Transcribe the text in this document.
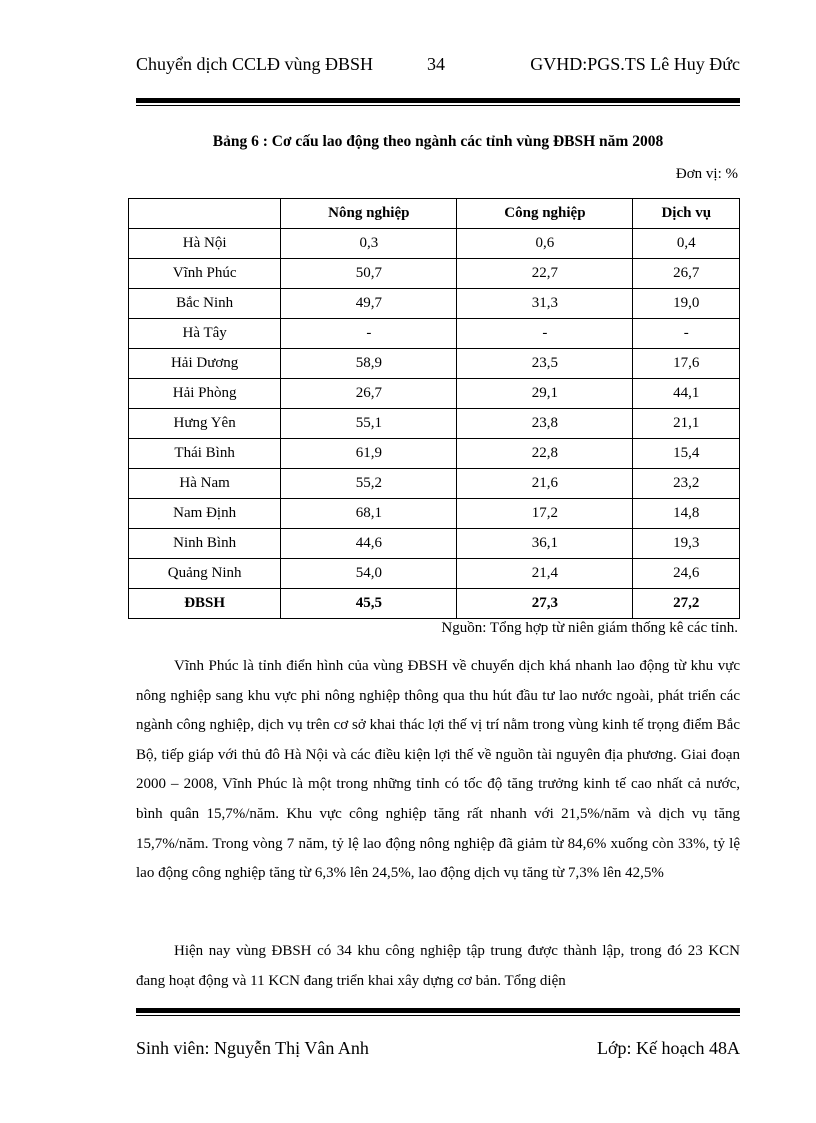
Chuyển dịch CCLĐ vùng ĐBSH	34	GVHD:PGS.TS Lê Huy Đức
Bảng 6 : Cơ cấu lao động theo ngành các tỉnh vùng ĐBSH năm 2008
Đơn vị: %
	Nông nghiệp	Công nghiệp	Dịch vụ
Hà Nội	0,3	0,6	0,4
Vĩnh Phúc	50,7	22,7	26,7
Bắc Ninh	49,7	31,3	19,0
Hà Tây	-	-	-
Hải Dương	58,9	23,5	17,6
Hải Phòng	26,7	29,1	44,1
Hưng Yên	55,1	23,8	21,1
Thái Bình	61,9	22,8	15,4
Hà Nam	55,2	21,6	23,2
Nam Định	68,1	17,2	14,8
Ninh Bình	44,6	36,1	19,3
Quảng Ninh	54,0	21,4	24,6
ĐBSH	45,5	27,3	27,2
Nguồn: Tổng hợp từ niên giám thống kê các tỉnh.

Vĩnh Phúc là tỉnh điển hình của vùng ĐBSH về chuyển dịch khá nhanh lao động từ khu vực nông nghiệp sang khu vực phi nông nghiệp thông qua thu hút đầu tư lao nước ngoài, phát triển các ngành công nghiệp, dịch vụ trên cơ sở khai thác lợi thế vị trí nằm trong vùng kinh tế trọng điểm Bắc Bộ, tiếp giáp với thủ đô Hà Nội và các điều kiện lợi thế về nguồn tài nguyên địa phương. Giai đoạn 2000 – 2008, Vĩnh Phúc là một trong những tỉnh có tốc độ tăng trưởng kinh tế cao nhất cả nước, bình quân 15,7%/năm. Khu vực công nghiệp tăng rất nhanh với 21,5%/năm và dịch vụ tăng 15,7%/năm. Trong vòng 7 năm, tỷ lệ lao động nông nghiệp đã giảm từ 84,6% xuống còn 33%, tỷ lệ lao động công nghiệp tăng từ 6,3% lên 24,5%, lao động dịch vụ tăng từ 7,3% lên 42,5%

Hiện nay vùng ĐBSH có 34 khu công nghiệp tập trung được thành lập, trong đó 23 KCN đang hoạt động và 11 KCN đang triển khai xây dựng cơ bản. Tổng diện

Sinh viên: Nguyễn Thị Vân Anh	Lớp: Kế hoạch 48A
